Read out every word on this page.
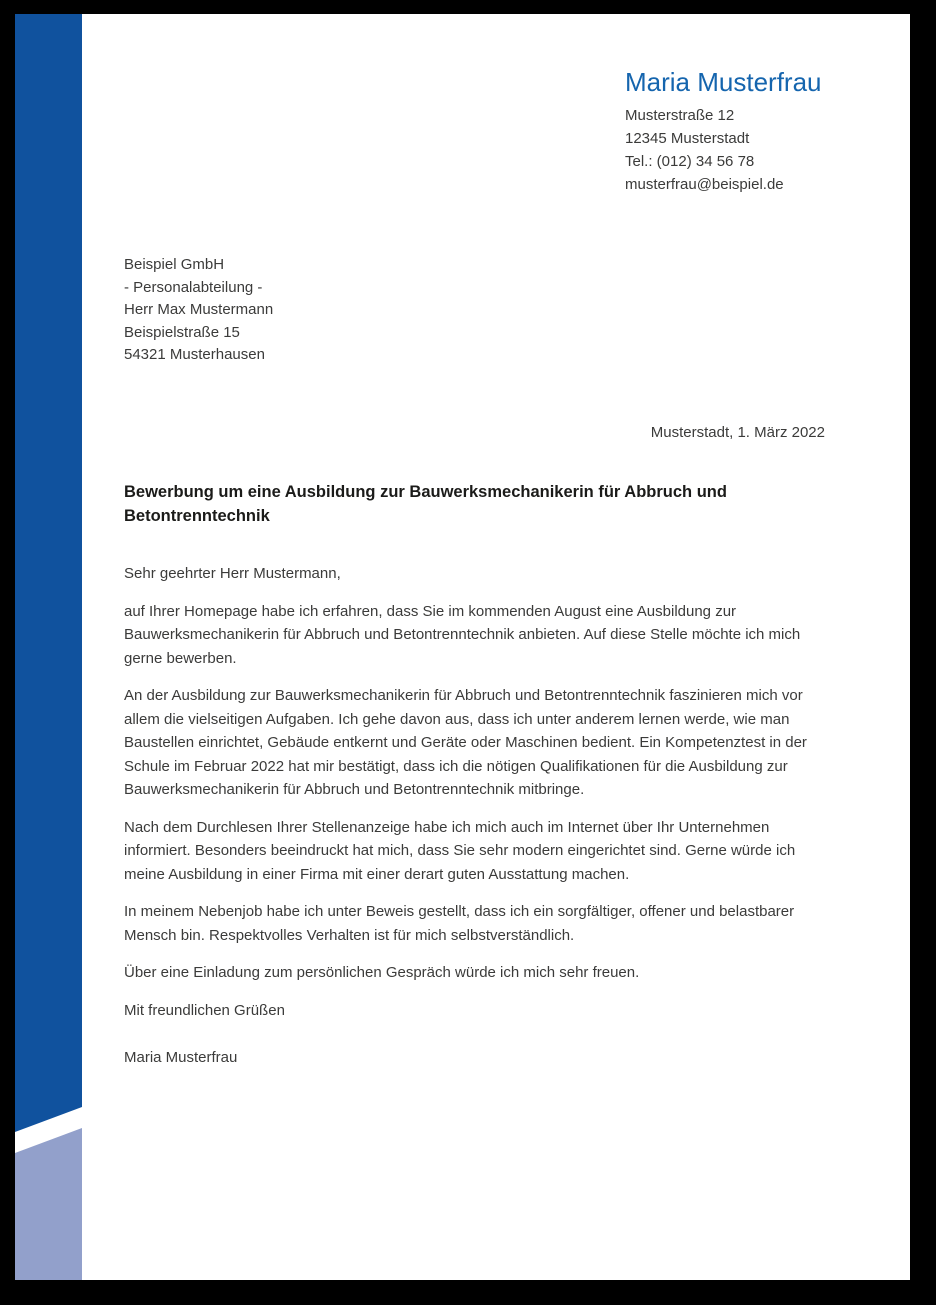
Maria Musterfrau
Musterstraße 12
12345 Musterstadt
Tel.: (012) 34 56 78
musterfrau@beispiel.de
Beispiel GmbH
- Personalabteilung -
Herr Max Mustermann
Beispielstraße 15
54321 Musterhausen
Musterstadt, 1. März 2022
Bewerbung um eine Ausbildung zur Bauwerksmechanikerin für Abbruch und Betontrenntechnik

Sehr geehrter Herr Mustermann,

auf Ihrer Homepage habe ich erfahren, dass Sie im kommenden August eine Ausbildung zur Bauwerksmechanikerin für Abbruch und Betontrenntechnik anbieten. Auf diese Stelle möchte ich mich gerne bewerben.

An der Ausbildung zur Bauwerksmechanikerin für Abbruch und Betontrenntechnik faszinieren mich vor allem die vielseitigen Aufgaben. Ich gehe davon aus, dass ich unter anderem lernen werde, wie man Baustellen einrichtet, Gebäude entkernt und Geräte oder Maschinen bedient. Ein Kompetenztest in der Schule im Februar 2022 hat mir bestätigt, dass ich die nötigen Qualifikationen für die Ausbildung zur Bauwerksmechanikerin für Abbruch und Betontrenntechnik mitbringe.

Nach dem Durchlesen Ihrer Stellenanzeige habe ich mich auch im Internet über Ihr Unternehmen informiert. Besonders beeindruckt hat mich, dass Sie sehr modern eingerichtet sind. Gerne würde ich meine Ausbildung in einer Firma mit einer derart guten Ausstattung machen.

In meinem Nebenjob habe ich unter Beweis gestellt, dass ich ein sorgfältiger, offener und belastbarer Mensch bin. Respektvolles Verhalten ist für mich selbstverständlich.

Über eine Einladung zum persönlichen Gespräch würde ich mich sehr freuen.

Mit freundlichen Grüßen

Maria Musterfrau
